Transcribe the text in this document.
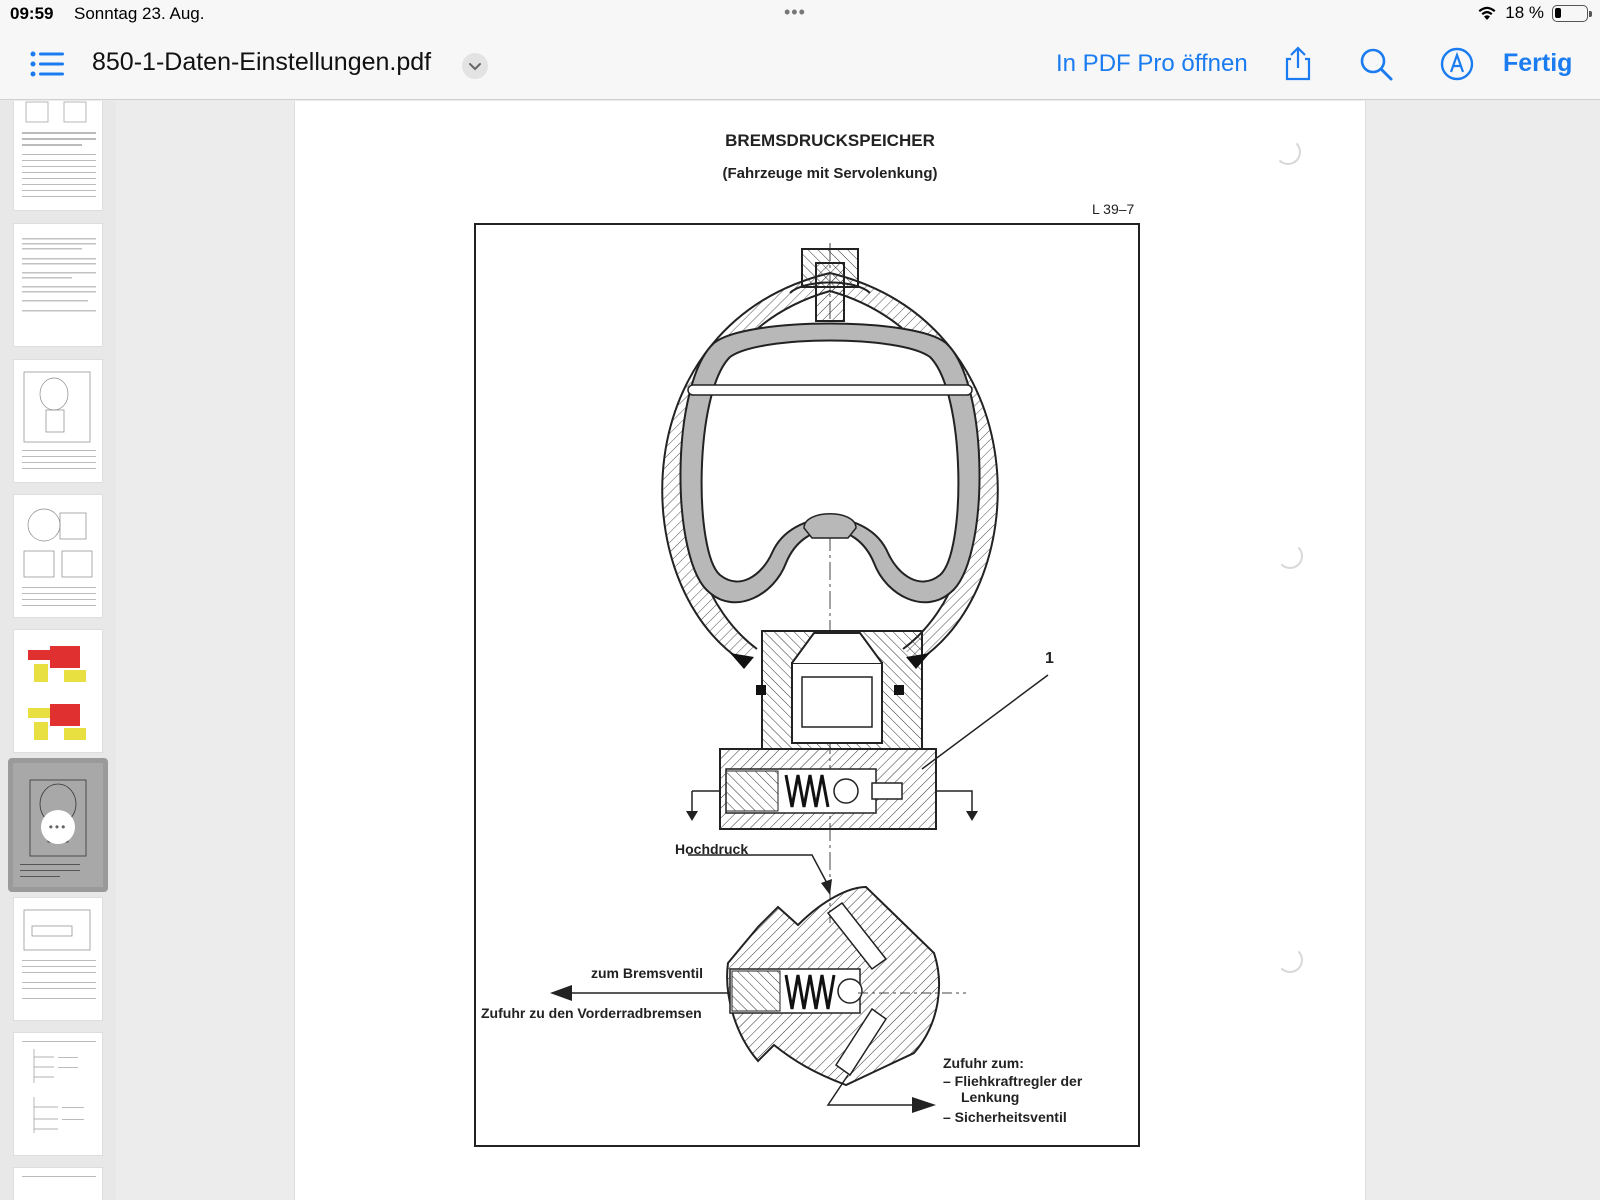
09:59 Sonntag 23. Aug.	•••	18 %
850-1-Daten-Einstellungen.pdf	In PDF Pro öffnen	Fertig
•••
BREMSDRUCKSPEICHER
(Fahrzeuge mit Servolenkung)
L 39–7
1
Hochdruck
zum Bremsventil
Zufuhr zu den Vorderradbremsen
Zufuhr zum:
– Fliehkraftregler der
Lenkung
– Sicherheitsventil
